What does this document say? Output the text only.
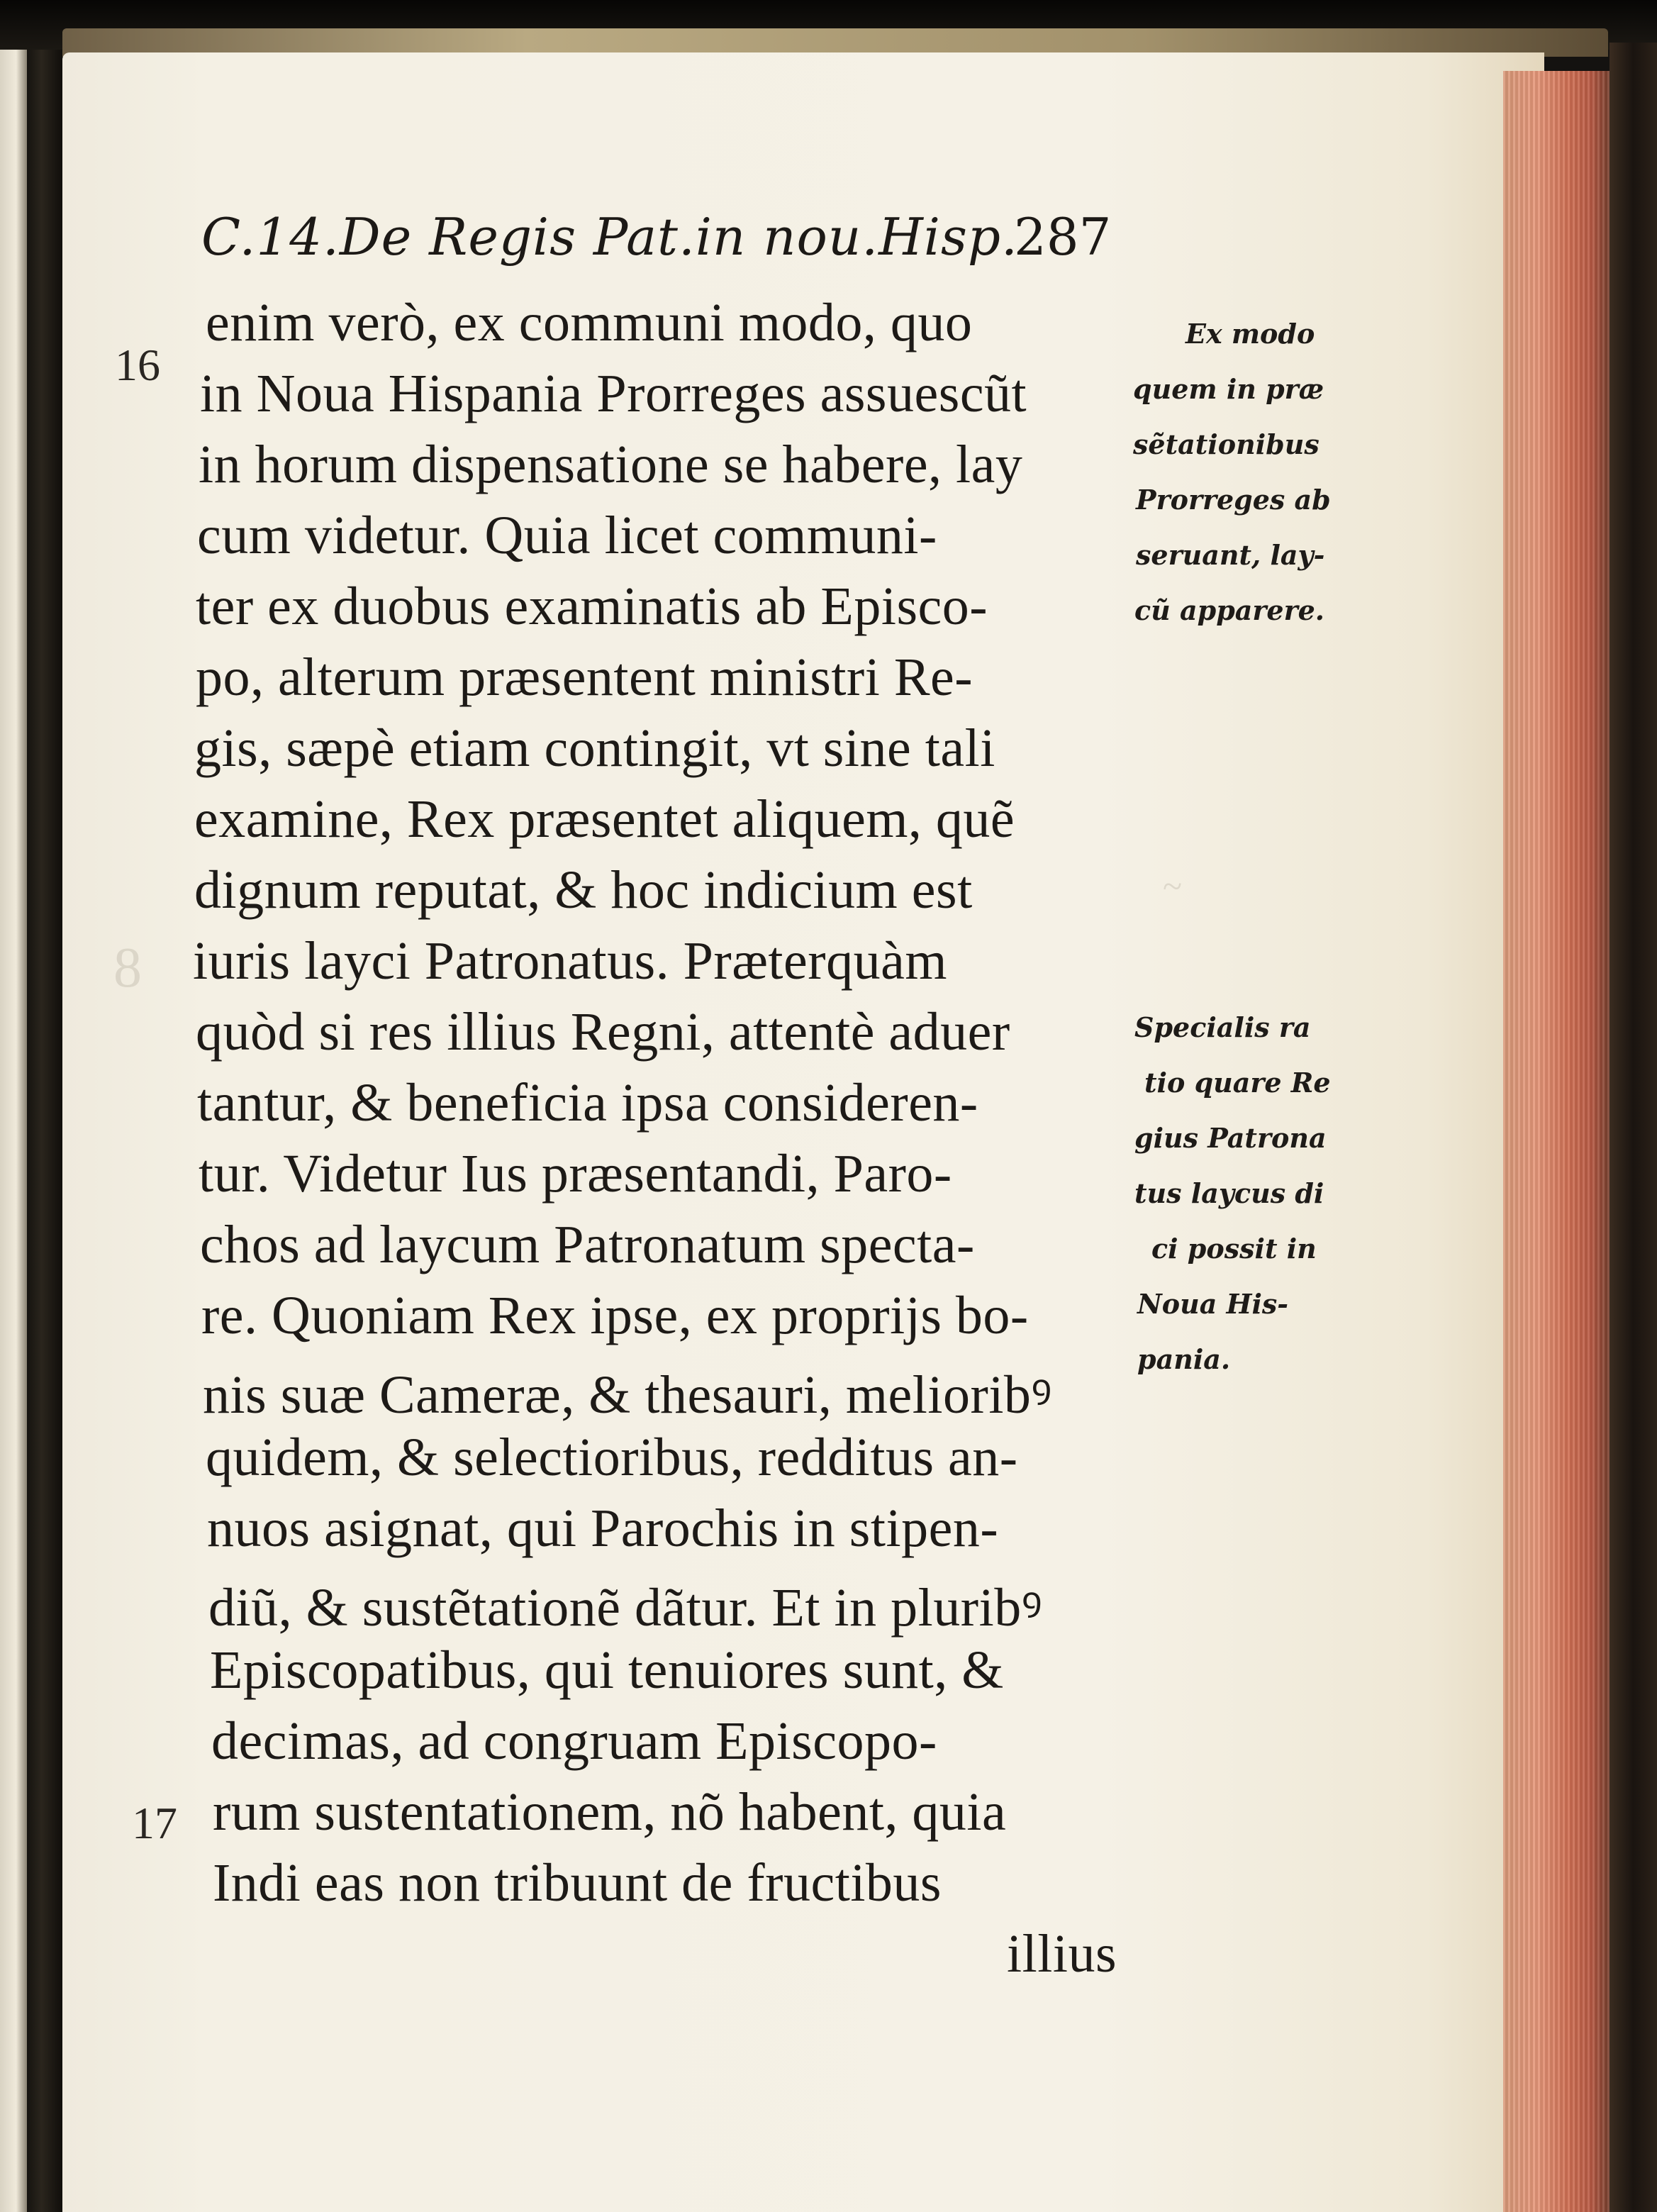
8
~
C.14.De Regis Pat.in nou.Hisp.
287
16
17
enim verò, ex communi modo, quo
in Noua Hispania Prorreges assuescũt
in horum dispensatione se habere, lay
cum videtur. Quia licet communi-
ter ex duobus examinatis ab Episco-
po, alterum præsentent ministri Re-
gis, sæpè etiam contingit, vt sine tali
examine, Rex præsentet aliquem, quẽ
dignum reputat, & hoc indicium est
iuris layci Patronatus. Præterquàm
quòd si res illius Regni, attentè aduer
tantur, & beneficia ipsa consideren-
tur. Videtur Ius præsentandi, Paro-
chos ad laycum Patronatum specta-
re. Quoniam Rex ipse, ex proprijs bo-
nis suæ Cameræ, & thesauri, melioribꝰ
quidem, & selectioribus, redditus an-
nuos asignat, qui Parochis in stipen-
diũ, & sustẽtationẽ dãtur. Et in pluribꝰ
Episcopatibus, qui tenuiores sunt, &
decimas, ad congruam Episcopo-
rum sustentationem, nõ habent, quia
Indi eas non tribuunt de fructibus
illius
Ex modo
quem in præ
sẽtationibus
Prorreges ab
seruant, lay-
cũ apparere.
Specialis ra
tio quare Re
gius Patrona
tus laycus di
ci possit in
Noua His-
pania.
